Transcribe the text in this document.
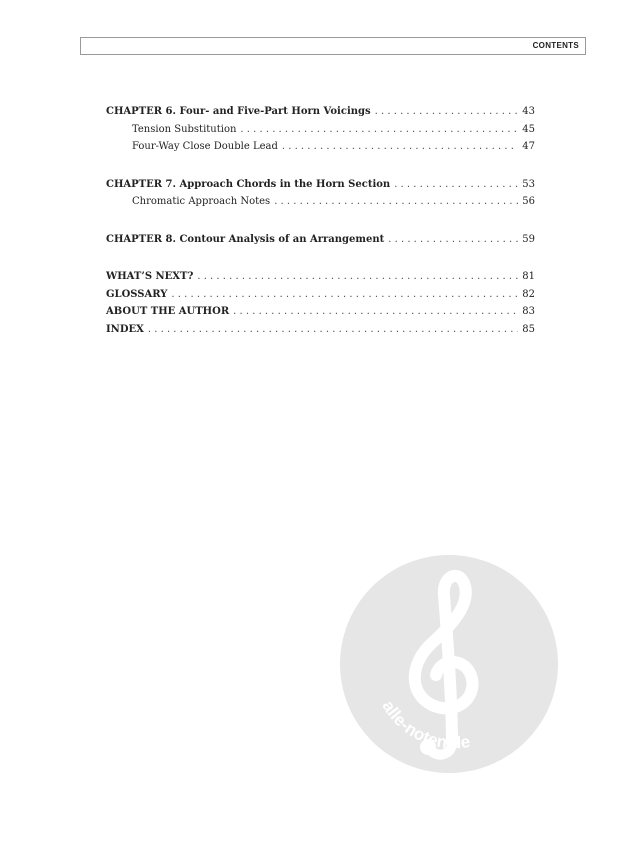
CONTENTS
CHAPTER 6. Four- and Five-Part Horn Voicings . . .	43
Tension Substitution . . .	45
Four-Way Close Double Lead . . .	47
CHAPTER 7. Approach Chords in the Horn Section . . .	53
Chromatic Approach Notes . . .	56
CHAPTER 8. Contour Analysis of an Arrangement . . .	59
WHAT’S NEXT? . . .	81
GLOSSARY . . .	82
ABOUT THE AUTHOR . . .	83
INDEX . . .	85
alle-noten.de
